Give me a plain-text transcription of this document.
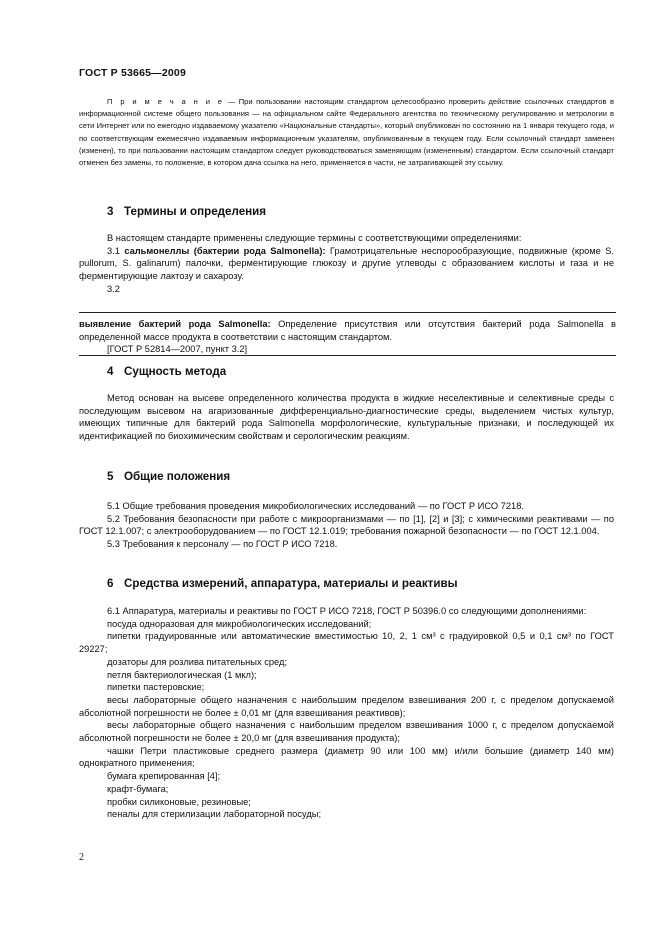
ГОСТ Р 53665—2009
П р и м е ч а н и е — При пользовании настоящим стандартом целесообразно проверить действие ссылочных стандартов в информационной системе общего пользования — на официальном сайте Федерального агентства по техническому регулированию и метрологии в сети Интернет или по ежегодно издаваемому указателю «Национальные стандарты», который опубликован по состоянию на 1 января текущего года, и по соответствующим ежемесячно издаваемым информационным указателям, опубликованным в текущем году. Если ссылочный стандарт заменен (изменен), то при пользовании настоящим стандартом следует руководствоваться заменяющим (измененным) стандартом. Если ссылочный стандарт отменен без замены, то положение, в котором дана ссылка на него, применяется в части, не затрагивающей эту ссылку.
3 Термины и определения

В настоящем стандарте применены следующие термины с соответствующими определениями:

3.1 сальмонеллы (бактерии рода Salmonella): Грамотрицательные неспорообразующие, подвижные (кроме S. pullorum, S. galinarum) палочки, ферментирующие глюкозу и другие углеводы с образованием кислоты и газа и не ферментирующие лактозу и сахарозу.

3.2

выявление бактерий рода Salmonella: Определение присутствия или отсутствия бактерий рода Salmonella в определенной массе продукта в соответствии с настоящим стандартом.

[ГОСТ Р 52814—2007, пункт 3.2]

4 Сущность метода

Метод основан на высеве определенного количества продукта в жидкие неселективные и селективные среды с последующим высевом на агаризованные дифференциально-диагностические среды, выделением чистых культур, имеющих типичные для бактерий рода Salmonella морфологические, культуральные признаки, и последующей их идентификацией по биохимическим свойствам и серологическим реакциям.

5 Общие положения

5.1 Общие требования проведения микробиологических исследований — по ГОСТ Р ИСО 7218.

5.2 Требования безопасности при работе с микроорганизмами — по [1], [2] и [3]; с химическими реактивами — по ГОСТ 12.1.007; с электрооборудованием — по ГОСТ 12.1.019; требования пожарной безопасности — по ГОСТ 12.1.004.

5.3 Требования к персоналу — по ГОСТ Р ИСО 7218.

6 Средства измерений, аппаратура, материалы и реактивы

6.1 Аппаратура, материалы и реактивы по ГОСТ Р ИСО 7218, ГОСТ Р 50396.0 со следующими дополнениями:

посуда одноразовая для микробиологических исследований;

пипетки градуированные или автоматические вместимостью 10, 2, 1 см³ с градуировкой 0,5 и 0,1 см³ по ГОСТ 29227;

дозаторы для розлива питательных сред;

петля бактериологическая (1 мкл);

пипетки пастеровские;

весы лабораторные общего назначения с наибольшим пределом взвешивания 200 г, с пределом допускаемой абсолютной погрешности не более ± 0,01 мг (для взвешивания реактивов);

весы лабораторные общего назначения с наибольшим пределом взвешивания 1000 г, с пределом допускаемой абсолютной погрешности не более ± 20,0 мг (для взвешивания продукта);

чашки Петри пластиковые среднего размера (диаметр 90 или 100 мм) и/или большие (диаметр 140 мм) однократного применения;

бумага крепированная [4];

крафт-бумага;

пробки силиконовые, резиновые;

пеналы для стерилизации лабораторной посуды;

2
